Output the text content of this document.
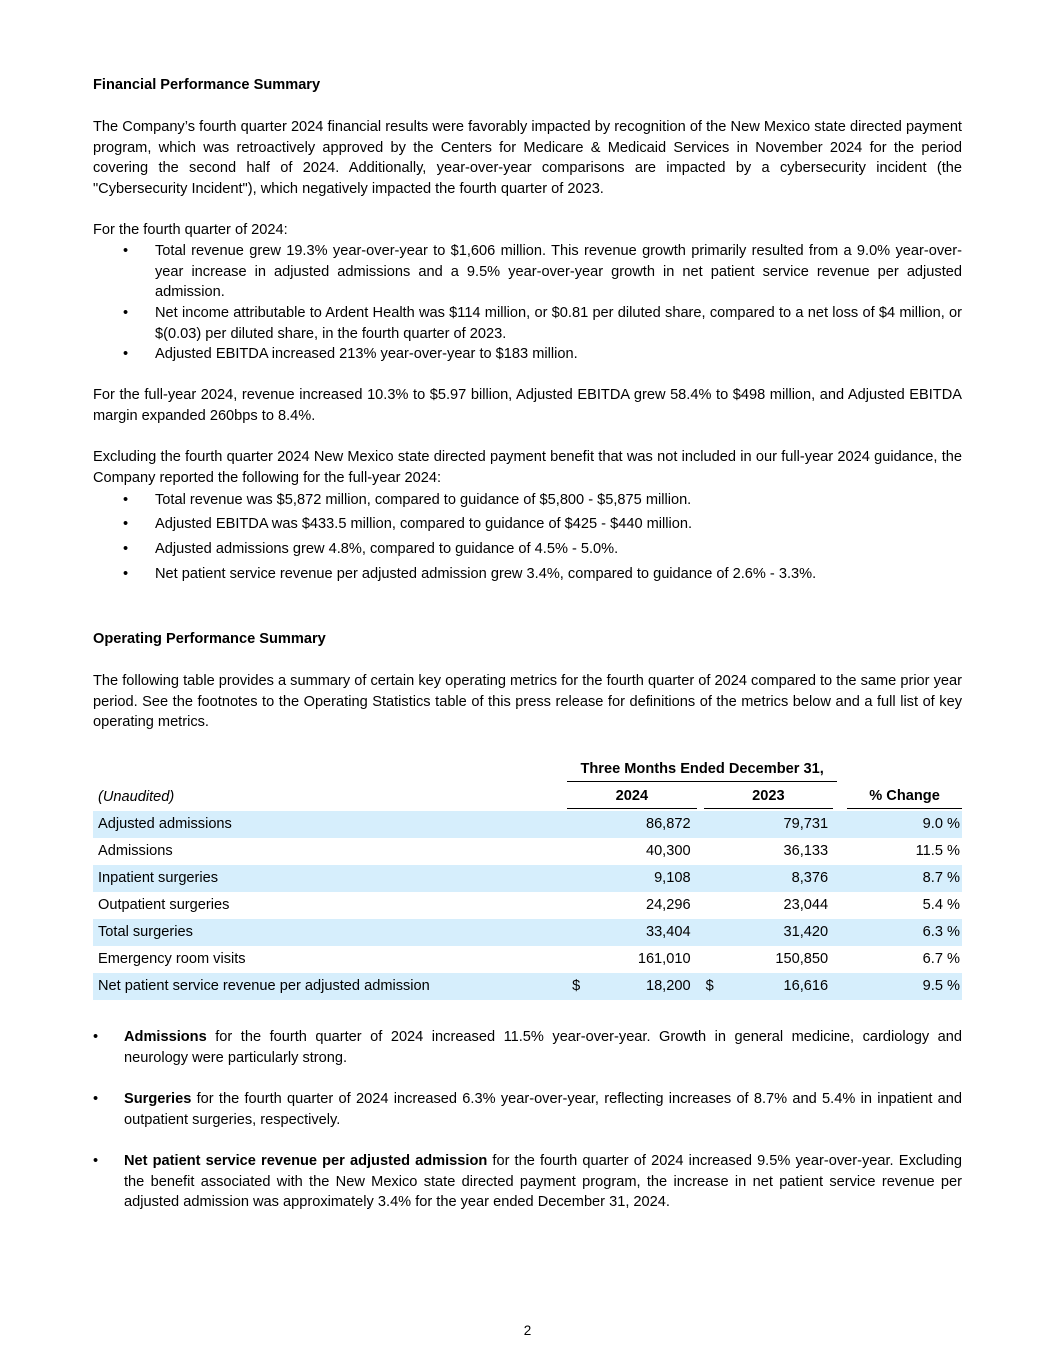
Financial Performance Summary
The Company’s fourth quarter 2024 financial results were favorably impacted by recognition of the New Mexico state directed payment program, which was retroactively approved by the Centers for Medicare & Medicaid Services in November 2024 for the period covering the second half of 2024. Additionally, year-over-year comparisons are impacted by a cybersecurity incident (the "Cybersecurity Incident"), which negatively impacted the fourth quarter of 2023.
For the fourth quarter of 2024:
• Total revenue grew 19.3% year-over-year to $1,606 million. This revenue growth primarily resulted from a 9.0% year-over-year increase in adjusted admissions and a 9.5% year-over-year growth in net patient service revenue per adjusted admission.
• Net income attributable to Ardent Health was $114 million, or $0.81 per diluted share, compared to a net loss of $4 million, or $(0.03) per diluted share, in the fourth quarter of 2023.
• Adjusted EBITDA increased 213% year-over-year to $183 million.
For the full-year 2024, revenue increased 10.3% to $5.97 billion, Adjusted EBITDA grew 58.4% to $498 million, and Adjusted EBITDA margin expanded 260bps to 8.4%.
Excluding the fourth quarter 2024 New Mexico state directed payment benefit that was not included in our full-year 2024 guidance, the Company reported the following for the full-year 2024:
• Total revenue was $5,872 million, compared to guidance of $5,800 - $5,875 million.
• Adjusted EBITDA was $433.5 million, compared to guidance of $425 - $440 million.
• Adjusted admissions grew 4.8%, compared to guidance of 4.5% - 5.0%.
• Net patient service revenue per adjusted admission grew 3.4%, compared to guidance of 2.6% - 3.3%.
Operating Performance Summary
The following table provides a summary of certain key operating metrics for the fourth quarter of 2024 compared to the same prior year period. See the footnotes to the Operating Statistics table of this press release for definitions of the metrics below and a full list of key operating metrics.

	Three Months Ended December 31,				

(Unaudited)	2024		2023		% Change

Adjusted admissions		86,872		79,731	9.0 %
Admissions		40,300		36,133	11.5 %
Inpatient surgeries		9,108		8,376	8.7 %
Outpatient surgeries		24,296		23,044	5.4 %
Total surgeries		33,404		31,420	6.3 %
Emergency room visits		161,010		150,850	6.7 %
Net patient service revenue per adjusted admission	$	18,200	$	16,616	9.5 %
• Admissions for the fourth quarter of 2024 increased 11.5% year-over-year. Growth in general medicine, cardiology and neurology were particularly strong.
• Surgeries for the fourth quarter of 2024 increased 6.3% year-over-year, reflecting increases of 8.7% and 5.4% in inpatient and outpatient surgeries, respectively.
• Net patient service revenue per adjusted admission for the fourth quarter of 2024 increased 9.5% year-over-year. Excluding the benefit associated with the New Mexico state directed payment program, the increase in net patient service revenue per adjusted admission was approximately 3.4% for the year ended December 31, 2024.
2
